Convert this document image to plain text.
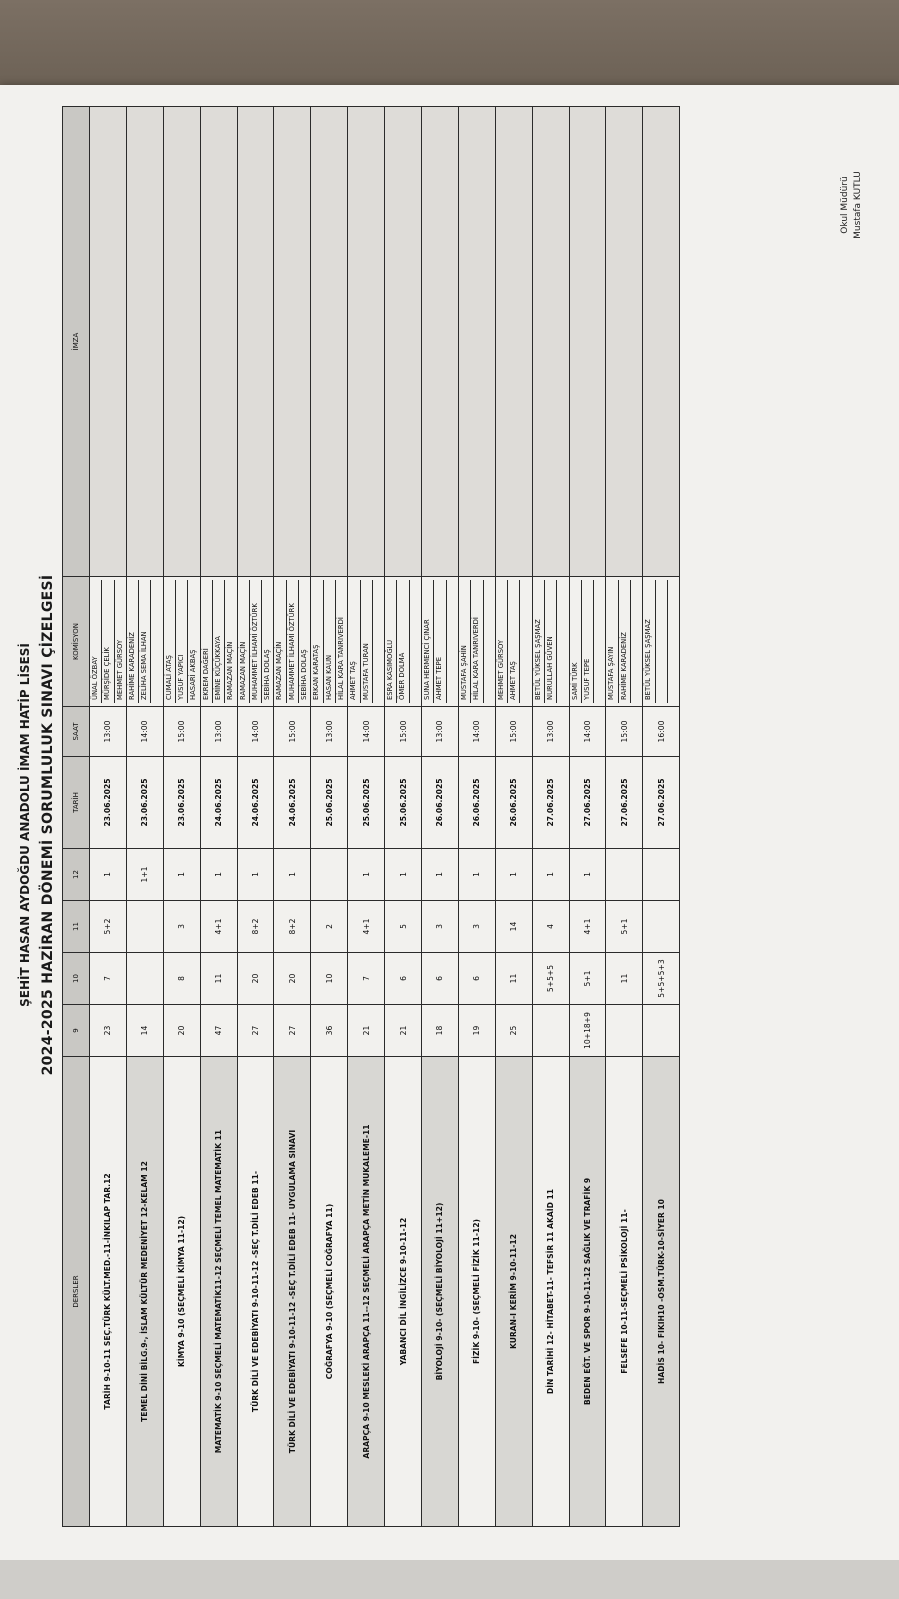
ŞEHİT HASAN AYDOĞDU ANADOLU İMAM HATİP LİSESİ 2024-2025 HAZİRAN DÖNEMİ SORUMLULUK SINAVI ÇİZELGESİ
DERSLER	9	10	11	12	TARİH	SAAT	KOMİSYON	İMZA
TARİH 9-10-11 SEÇ.TÜRK KÜLT.MED.-11-İNKILAP TAR.12	23	7	5+2	1	23.06.2025	13:00	ÜNAL ÖZBAY MÜRŞİDE ÇELİK MEHMET GÜRSOY	

TEMEL DİNİ BİLG.9-, İSLAM KÜLTÜR MEDENİYET 12-KELAM 12	14			1+1	23.06.2025	14:00	RAHİME KARADENİZ ZELİHA SEMA İLHAN	

KİMYA 9-10 (SEÇMELİ KİMYA 11-12)	20	8	3	1	23.06.2025	15:00	CUMALİ ATAŞ YUSUF YAPICI HASARİ AKBAŞ	

MATEMATİK 9-10 SEÇMELİ MATEMATİK11-12 SEÇMELİ TEMEL MATEMATİK 11	47	11	4+1	1	24.06.2025	13:00	EKREM DAĞERİ EMİNE KÜÇÜKKAYA RAMAZAN MAÇİN	

TÜRK DİLİ VE EDEBİYATI 9-10-11-12 -SEÇ T.DİLİ EDEB 11-	27	20	8+2	1	24.06.2025	14:00	RAMAZAN MAÇİN MUHAMMET İLHAMİ ÖZTÜRK SEBİHA DOLAŞ	

TÜRK DİLİ VE EDEBİYATI 9-10-11-12 -SEÇ T.DİLİ EDEB 11- UYGULAMA SINAVI	27	20	8+2	1	24.06.2025	15:00	RAMAZAN MAÇİN MUHAMMET İLHAMİ ÖZTÜRK SEBİHA DOLAŞ	

COĞRAFYA 9-10 (SEÇMELİ COĞRAFYA 11)	36	10	2		25.06.2025	13:00	ERKAN KARATAŞ HASAN KAUN HİLAL KARA TANRIVERDİ	

ARAPÇA 9-10 MESLEKİ ARAPÇA 11--12 SEÇMELİ ARAPÇA METİN MUKALEME-11	21	7	4+1	1	25.06.2025	14:00	AHMET TAŞ MUSTAFA TURAN	

YABANCI DİL İNGİLİZCE 9-10-11-12	21	6	5	1	25.06.2025	15:00	ESRA KASIMOĞLU ÖMER DOLMA	

BİYOLOJİ 9-10- (SEÇMELİ BİYOLOJİ 11+12)	18	6	3	1	26.06.2025	13:00	SUNA HERMENCİ ÇINAR AHMET TEPE	

FİZİK 9-10- (SEÇMELİ FİZİK 11-12)	19	6	3	1	26.06.2025	14:00	MUSTAFA ŞAHİN HİLAL KARA TANRIVERDİ	

KURAN-I KERİM 9-10-11-12	25	11	14	1	26.06.2025	15:00	MEHMET GÜRSOY AHMET TAŞ	

DİN TARİHİ 12- HİTABET-11- TEFSİR 11 AKAİD 11		5+5+5	4	1	27.06.2025	13:00	BETÜL YÜKSEL ŞAŞMAZ NURULLAH GÜVEN	

BEDEN EĞT. VE SPOR 9-10-11-12 SAĞLIK VE TRAFİK 9	10+18+9	5+1	4+1	1	27.06.2025	14:00	SAMİ TÜRK YUSUF TEPE	

FELSEFE 10-11-SEÇMELİ PSİKOLOJİ 11-		11	5+1		27.06.2025	15:00	MUSTAFA ŞAYIN RAHİME KARADENİZ	

HADİS 10- FIKIH10 -OSM.TÜRK-10-SİYER 10		5+5+5+3			27.06.2025	16:00	BETÜL YÜKSEL ŞAŞMAZ	

Okul Müdürü Mustafa KUTLU
